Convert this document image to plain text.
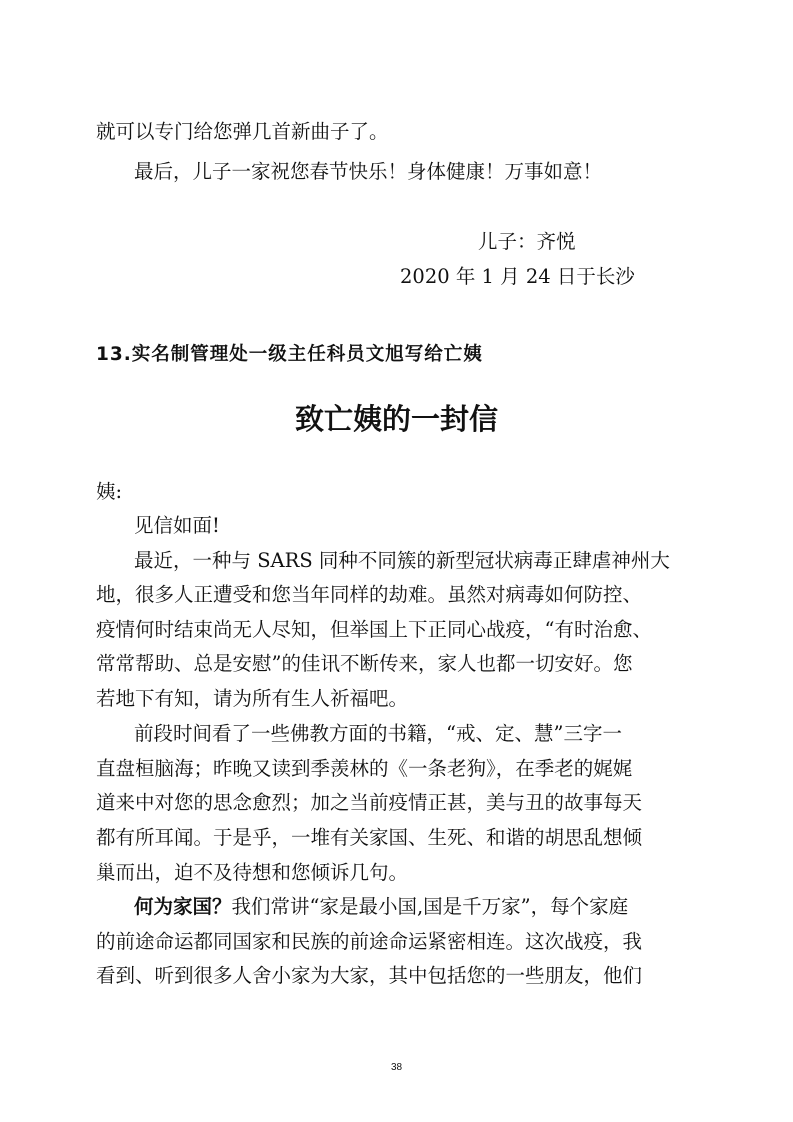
就可以专门给您弹几首新曲子了。
最后，儿子一家祝您春节快乐！身体健康！万事如意！
儿子：齐悦
2020 年 1 月 24 日于长沙
13.实名制管理处一级主任科员文旭写给亡姨
致亡姨的一封信
姨:
见信如面!
最近，一种与 SARS 同种不同簇的新型冠状病毒正肆虐神州大
地，很多人正遭受和您当年同样的劫难。虽然对病毒如何防控、
疫情何时结束尚无人尽知，但举国上下正同心战疫，“有时治愈、
常常帮助、总是安慰”的佳讯不断传来，家人也都一切安好。您
若地下有知，请为所有生人祈福吧。
前段时间看了一些佛教方面的书籍，“戒、定、慧”三字一
直盘桓脑海；昨晚又读到季羡林的《一条老狗》，在季老的娓娓
道来中对您的思念愈烈；加之当前疫情正甚，美与丑的故事每天
都有所耳闻。于是乎，一堆有关家国、生死、和谐的胡思乱想倾
巢而出，迫不及待想和您倾诉几句。
何为家国？我们常讲“家是最小国,国是千万家”，每个家庭
的前途命运都同国家和民族的前途命运紧密相连。这次战疫，我
看到、听到很多人舍小家为大家，其中包括您的一些朋友，他们
38
